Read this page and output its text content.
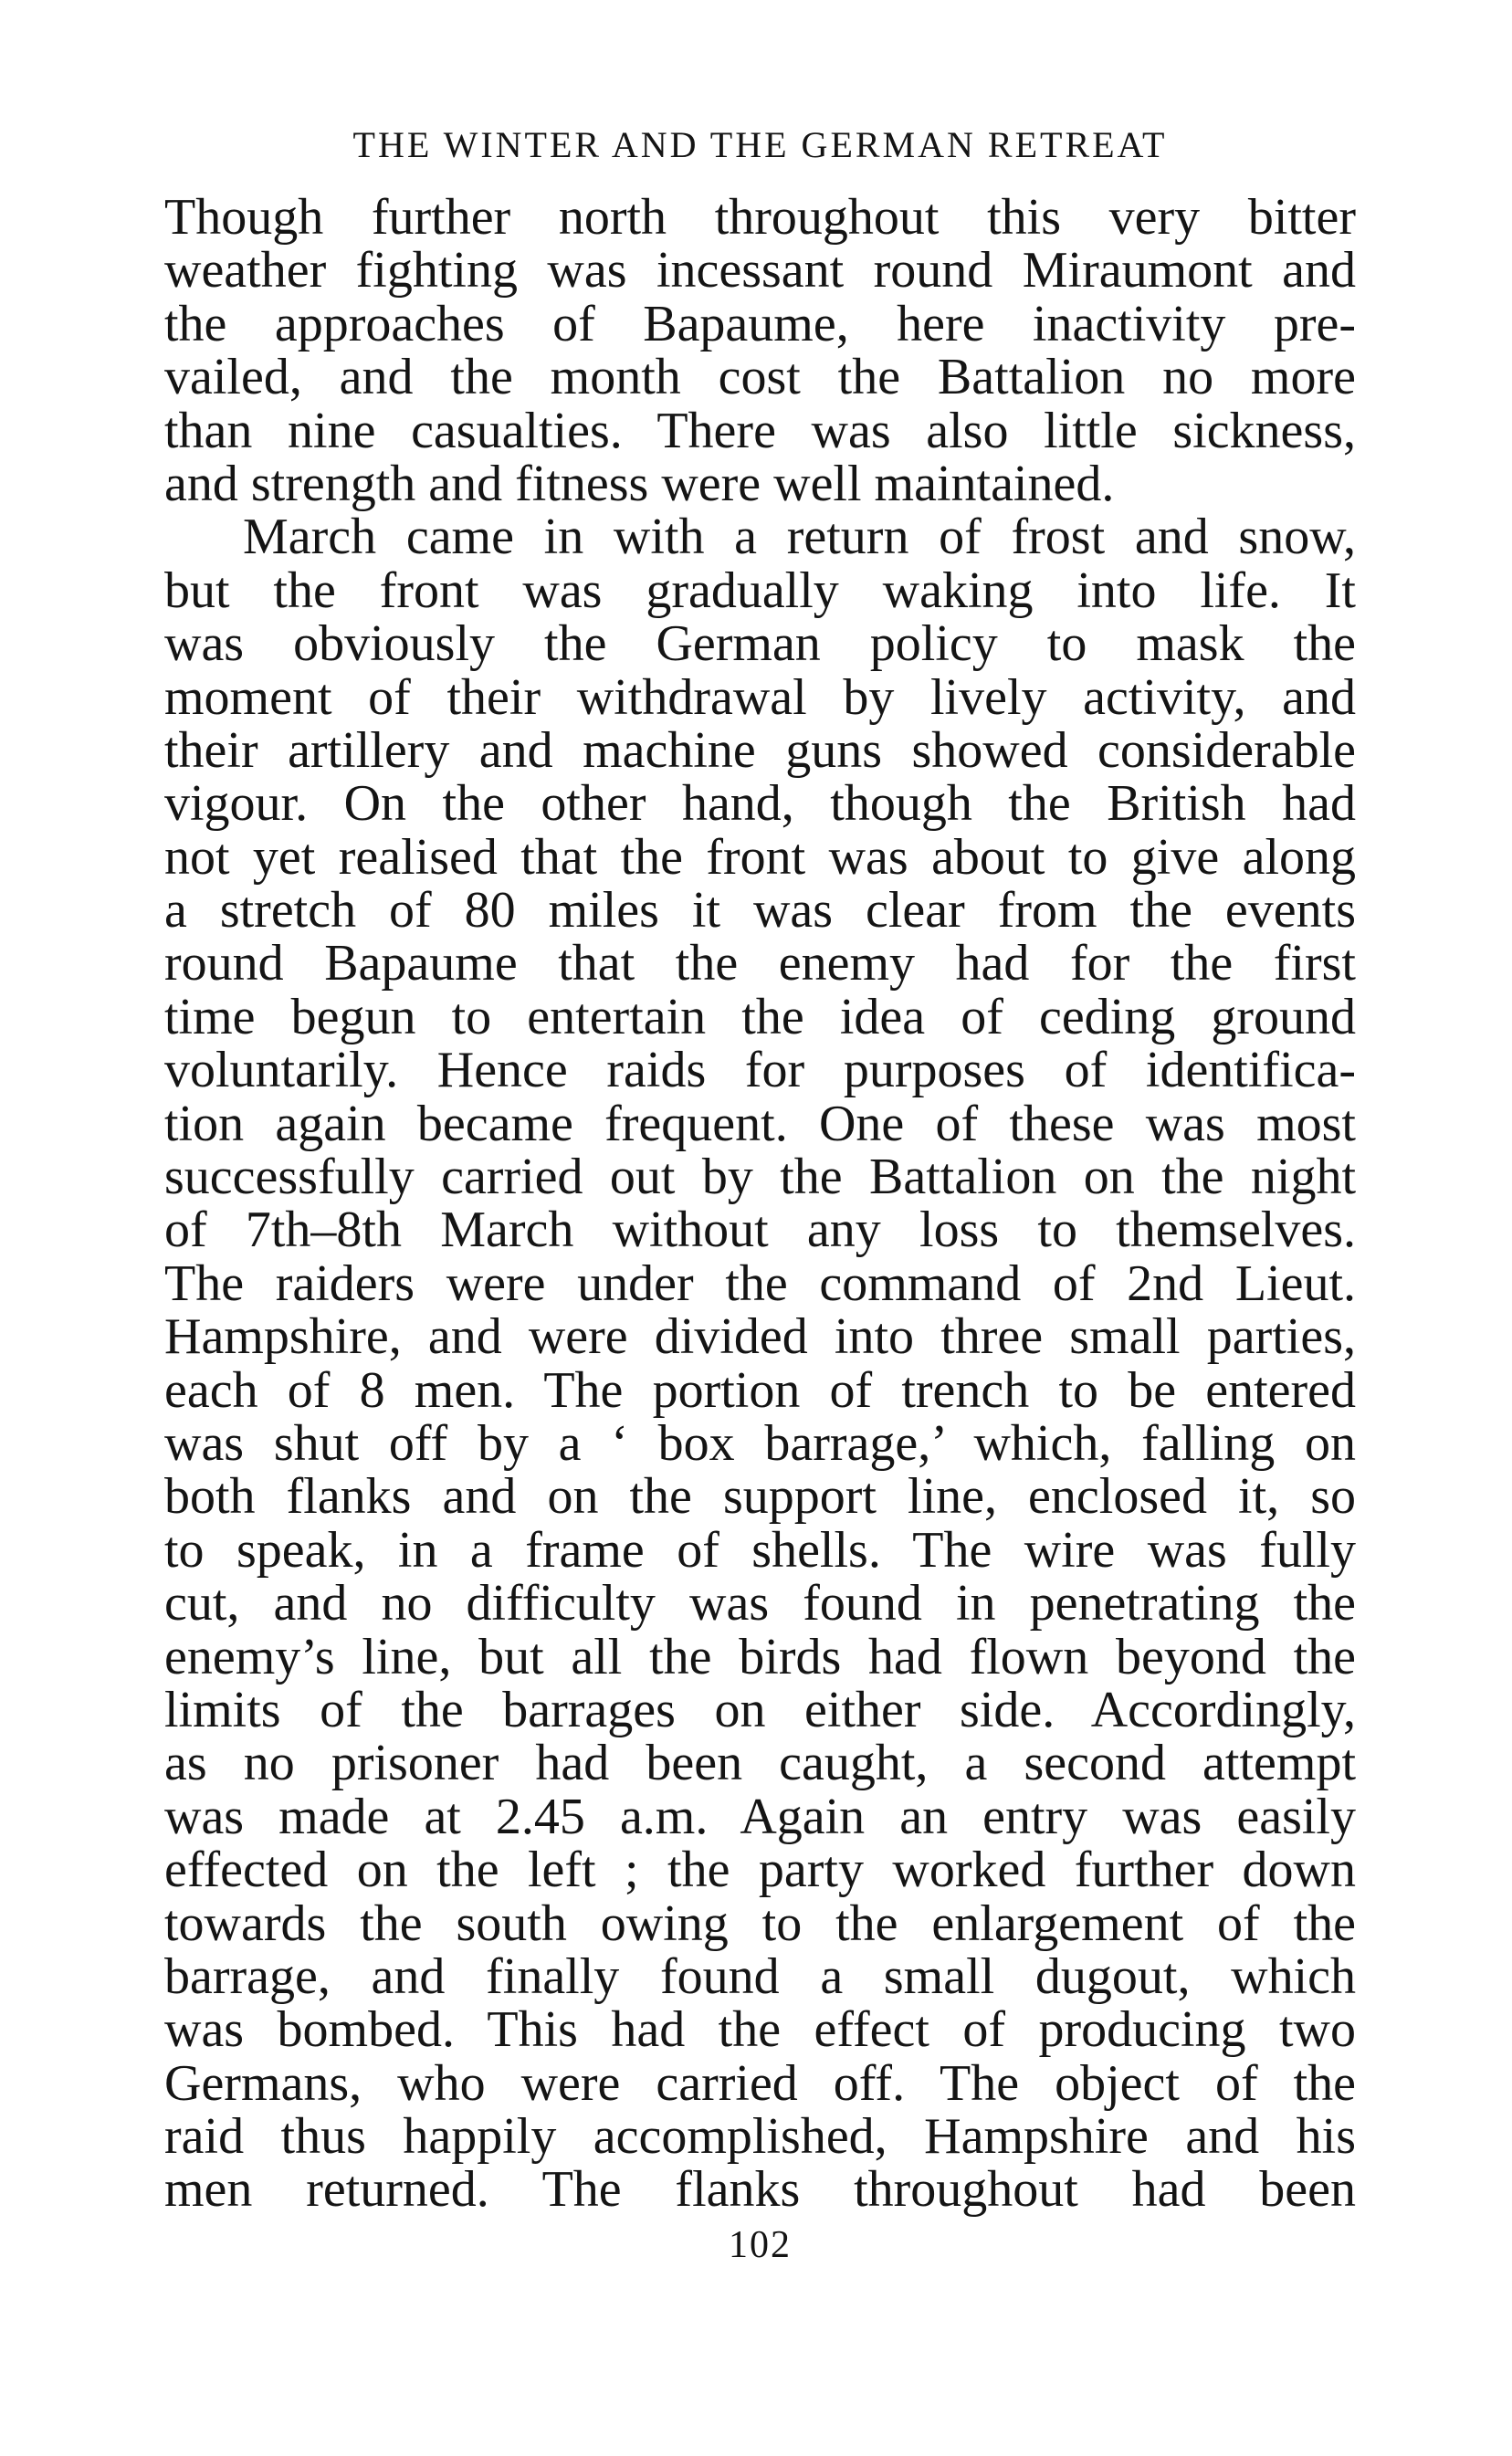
THE WINTER AND THE GERMAN RETREAT
Though further north throughout this very bitter
weather fighting was incessant round Miraumont and
the approaches of Bapaume, here inactivity pre-
vailed, and the month cost the Battalion no more
than nine casualties. There was also little sickness,
and strength and fitness were well maintained.
March came in with a return of frost and snow,
but the front was gradually waking into life. It
was obviously the German policy to mask the
moment of their withdrawal by lively activity, and
their artillery and machine guns showed considerable
vigour. On the other hand, though the British had
not yet realised that the front was about to give along
a stretch of 80 miles it was clear from the events
round Bapaume that the enemy had for the first
time begun to entertain the idea of ceding ground
voluntarily. Hence raids for purposes of identifica-
tion again became frequent. One of these was most
successfully carried out by the Battalion on the night
of 7th–8th March without any loss to themselves.
The raiders were under the command of 2nd Lieut.
Hampshire, and were divided into three small parties,
each of 8 men. The portion of trench to be entered
was shut off by a ‘ box barrage,’ which, falling on
both flanks and on the support line, enclosed it, so
to speak, in a frame of shells. The wire was fully
cut, and no difficulty was found in penetrating the
enemy’s line, but all the birds had flown beyond the
limits of the barrages on either side. Accordingly,
as no prisoner had been caught, a second attempt
was made at 2.45 a.m. Again an entry was easily
effected on the left ; the party worked further down
towards the south owing to the enlargement of the
barrage, and finally found a small dugout, which
was bombed. This had the effect of producing two
Germans, who were carried off. The object of the
raid thus happily accomplished, Hampshire and his
men returned. The flanks throughout had been
102
